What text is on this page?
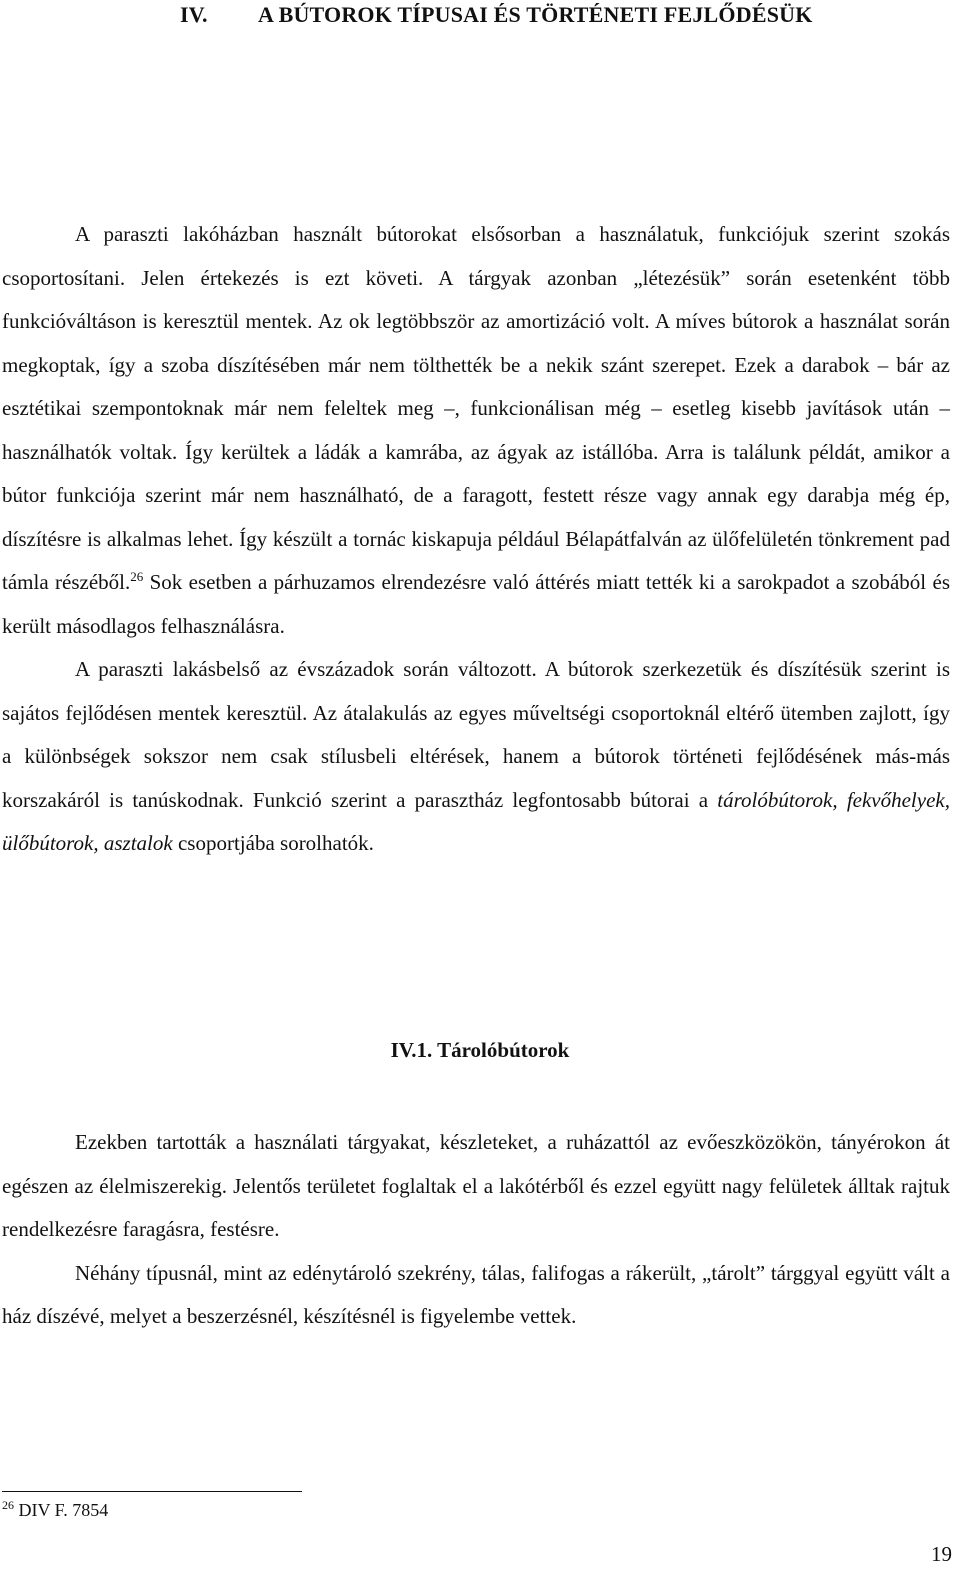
IV. A BÚTOROK TÍPUSAI ÉS TÖRTÉNETI FEJLŐDÉSÜK

A paraszti lakóházban használt bútorokat elsősorban a használatuk, funkciójuk szerint szokás csoportosítani. Jelen értekezés is ezt követi. A tárgyak azonban „létezésük” során esetenként több funkcióváltáson is keresztül mentek. Az ok legtöbbször az amortizáció volt. A míves bútorok a használat során megkoptak, így a szoba díszítésében már nem tölthették be a nekik szánt szerepet. Ezek a darabok – bár az esztétikai szempontoknak már nem feleltek meg –, funkcionálisan még – esetleg kisebb javítások után – használhatók voltak. Így kerültek a ládák a kamrába, az ágyak az istállóba. Arra is találunk példát, amikor a bútor funkciója szerint már nem használható, de a faragott, festett része vagy annak egy darabja még ép, díszítésre is alkalmas lehet. Így készült a tornác kiskapuja például Bélapátfalván az ülőfelületén tönkrement pad támla részéből.$^{26}$ Sok esetben a párhuzamos elrendezésre való áttérés miatt tették ki a sarokpadot a szobából és került másodlagos felhasználásra.

A paraszti lakásbelső az évszázadok során változott. A bútorok szerkezetük és díszítésük szerint is sajátos fejlődésen mentek keresztül. Az átalakulás az egyes műveltségi csoportoknál eltérő ütemben zajlott, így a különbségek sokszor nem csak stílusbeli eltérések, hanem a bútorok történeti fejlődésének más-más korszakáról is tanúskodnak. Funkció szerint a parasztház legfontosabb bútorai a tárolóbútorok, fekvőhelyek, ülőbútorok, asztalok csoportjába sorolhatók.

IV.1. Tárolóbútorok

Ezekben tartották a használati tárgyakat, készleteket, a ruházattól az evőeszközökön, tányérokon át egészen az élelmiszerekig. Jelentős területet foglaltak el a lakótérből és ezzel együtt nagy felületek álltak rajtuk rendelkezésre faragásra, festésre.

Néhány típusnál, mint az edénytároló szekrény, tálas, falifogas a rákerült, „tárolt” tárggyal együtt vált a ház díszévé, melyet a beszerzésnél, készítésnél is figyelembe vettek.

$^{26}$ DIV F. 7854
19
